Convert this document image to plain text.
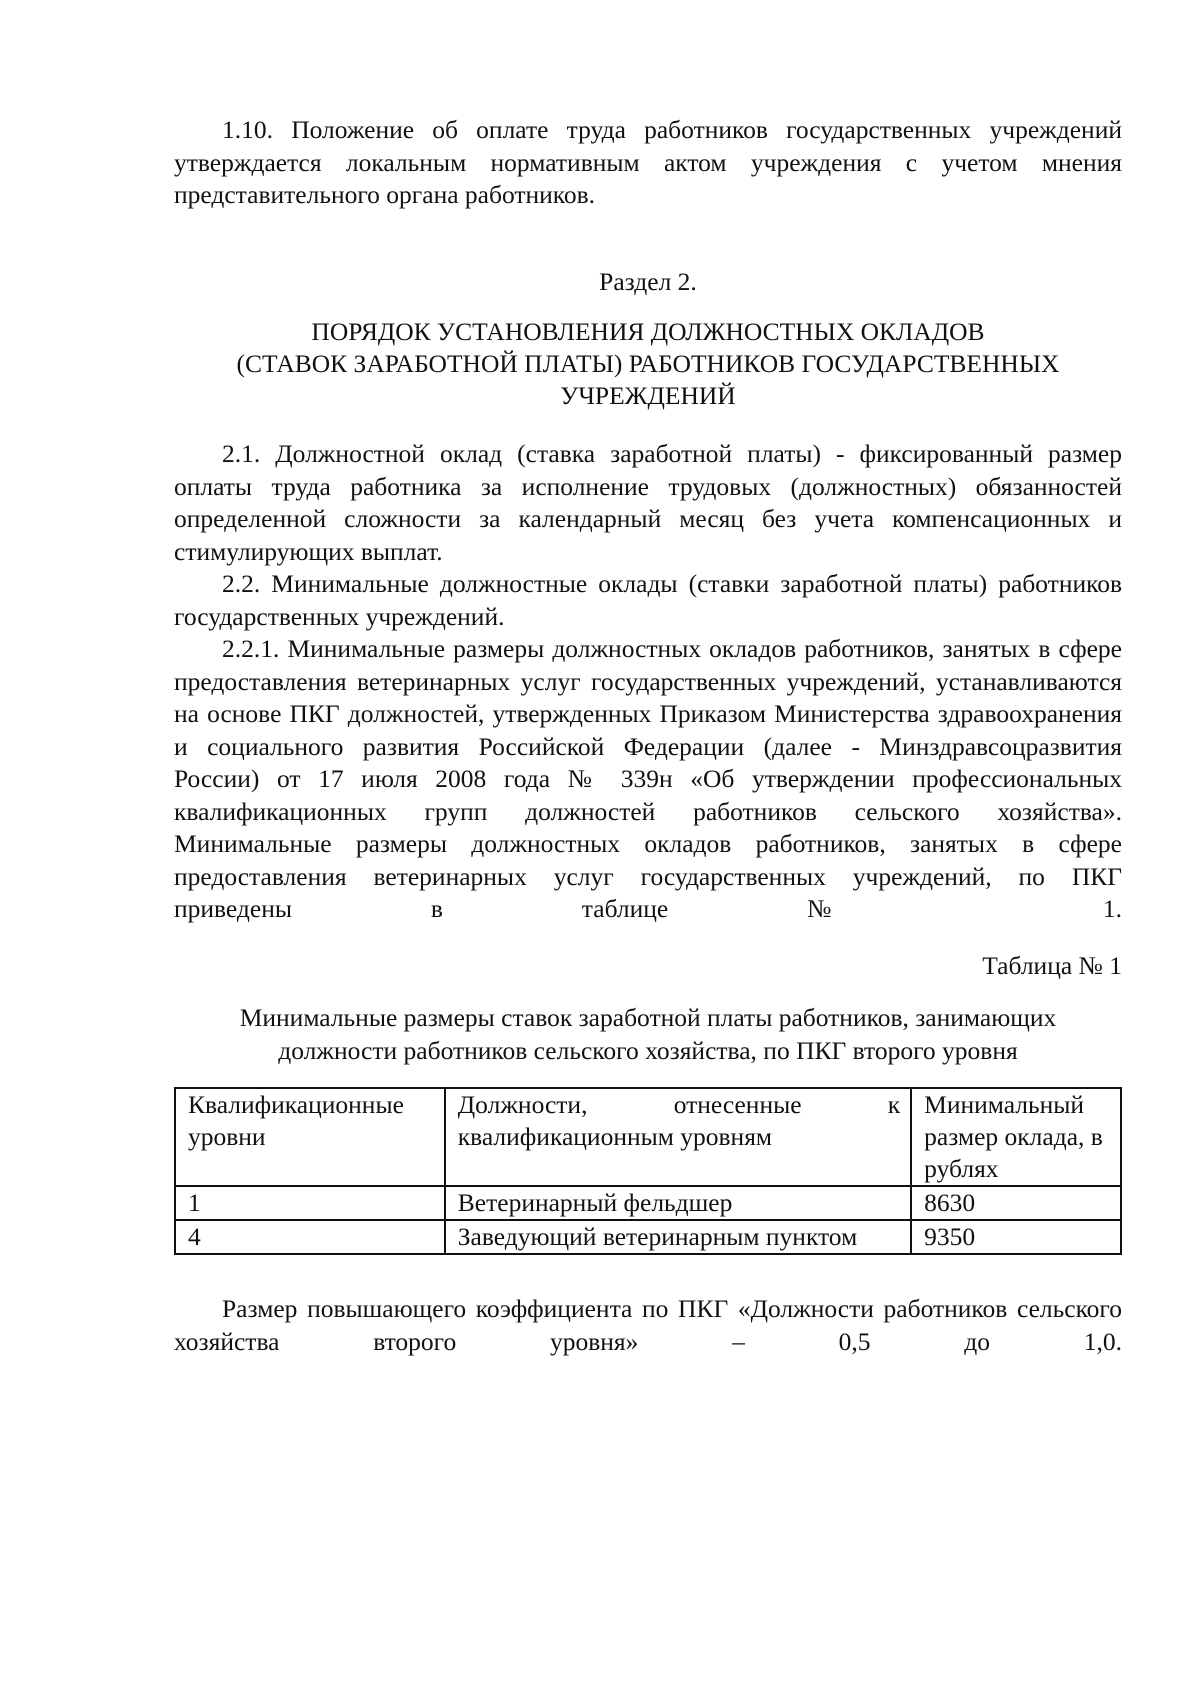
1.10. Положение об оплате труда работников государственных учреждений утверждается локальным нормативным актом учреждения с учетом мнения представительного органа работников.

Раздел 2.

ПОРЯДОК УСТАНОВЛЕНИЯ ДОЛЖНОСТНЫХ ОКЛАДОВ
(СТАВОК ЗАРАБОТНОЙ ПЛАТЫ) РАБОТНИКОВ ГОСУДАРСТВЕННЫХ
УЧРЕЖДЕНИЙ

2.1. Должностной оклад (ставка заработной платы) - фиксированный размер оплаты труда работника за исполнение трудовых (должностных) обязанностей определенной сложности за календарный месяц без учета компенсационных и стимулирующих выплат.

2.2. Минимальные должностные оклады (ставки заработной платы) работников государственных учреждений.

2.2.1. Минимальные размеры должностных окладов работников, занятых в сфере предоставления ветеринарных услуг государственных учреждений, устанавливаются на основе ПКГ должностей, утвержденных Приказом Министерства здравоохранения и социального развития Российской Федерации (далее - Минздравсоцразвития России) от 17 июля 2008 года № 339н «Об утверждении профессиональных квалификационных групп должностей работников сельского хозяйства». Минимальные размеры должностных окладов работников, занятых в сфере предоставления ветеринарных услуг государственных учреждений, по ПКГ приведены в таблице № 1.

Таблица № 1

Минимальные размеры ставок заработной платы работников, занимающих
должности работников сельского хозяйства, по ПКГ второго уровня
Квалификационные уровни	Должности, отнесенные к квалификационным уровням	Минимальный размер оклада, в рублях
1	Ветеринарный фельдшер	8630
4	Заведующий ветеринарным пунктом	9350

Размер повышающего коэффициента по ПКГ «Должности работников сельского хозяйства второго уровня» – 0,5 до 1,0.
